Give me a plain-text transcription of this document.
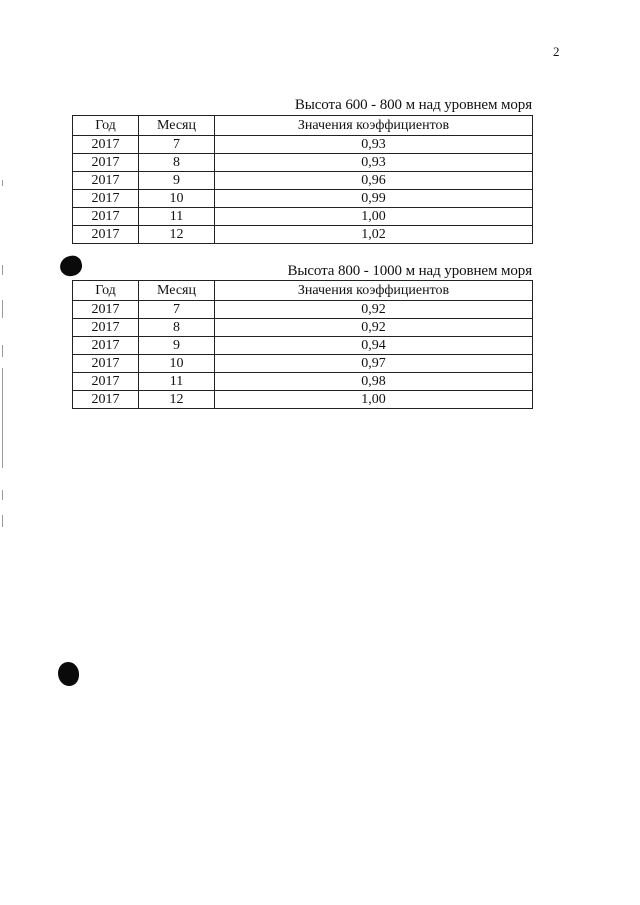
2
Высота 600 - 800 м над уровнем моря
Год	Месяц	Значения коэффициентов
2017	7	0,93
2017	8	0,93
2017	9	0,96
2017	10	0,99
2017	11	1,00
2017	12	1,02
Высота 800 - 1000 м над уровнем моря
Год	Месяц	Значения коэффициентов
2017	7	0,92
2017	8	0,92
2017	9	0,94
2017	10	0,97
2017	11	0,98
2017	12	1,00
